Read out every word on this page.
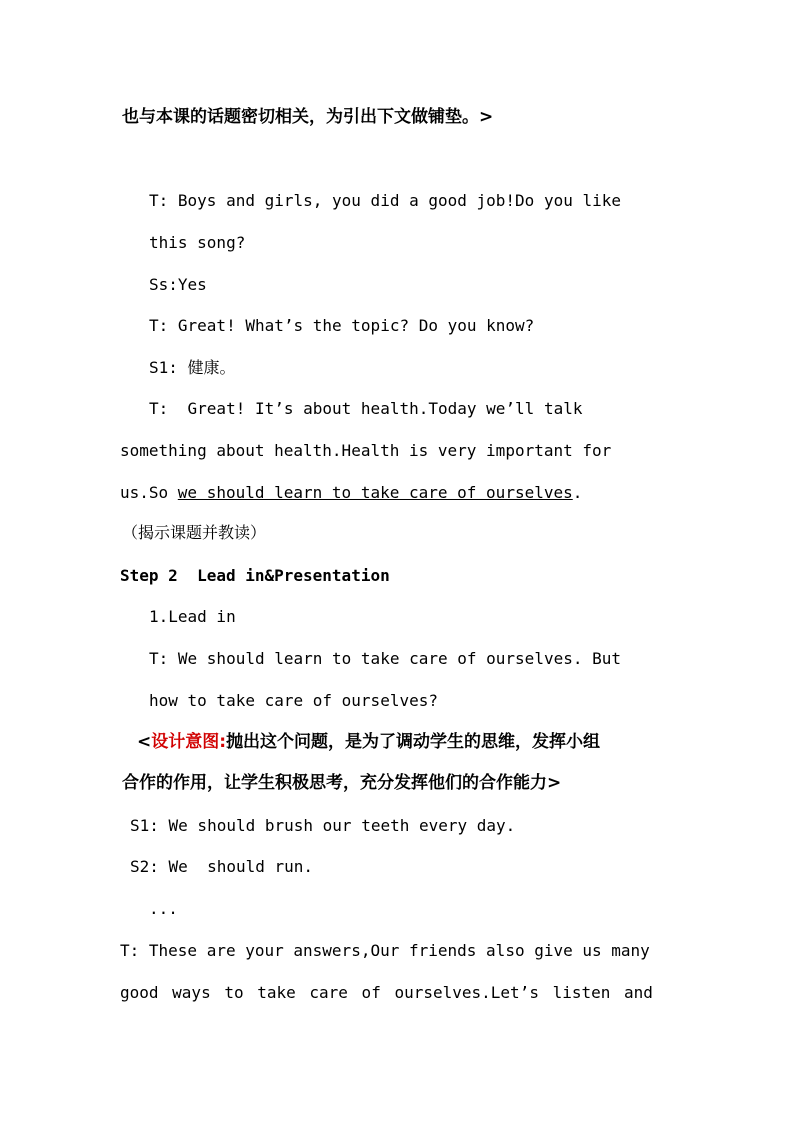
也与本课的话题密切相关，为引出下文做铺垫。>
T: Boys and girls, you did a good job!Do you like
this song?
Ss:Yes
T: Great! What’s the topic? Do you know?
S1: 健康。
T:  Great! It’s about health.Today we’ll talk
something about health.Health is very important for
us.So we should learn to take care of ourselves.
（揭示课题并教读）
Step 2  Lead in&Presentation
1.Lead in
T: We should learn to take care of ourselves. But
how to take care of ourselves?
<设计意图:抛出这个问题，是为了调动学生的思维，发挥小组
合作的作用，让学生积极思考，充分发挥他们的合作能力>
S1: We should brush our teeth every day.
S2: We  should run.
...
T: These are your answers,Our friends also give us many
good ways to take care of ourselves.Let’s listen and
